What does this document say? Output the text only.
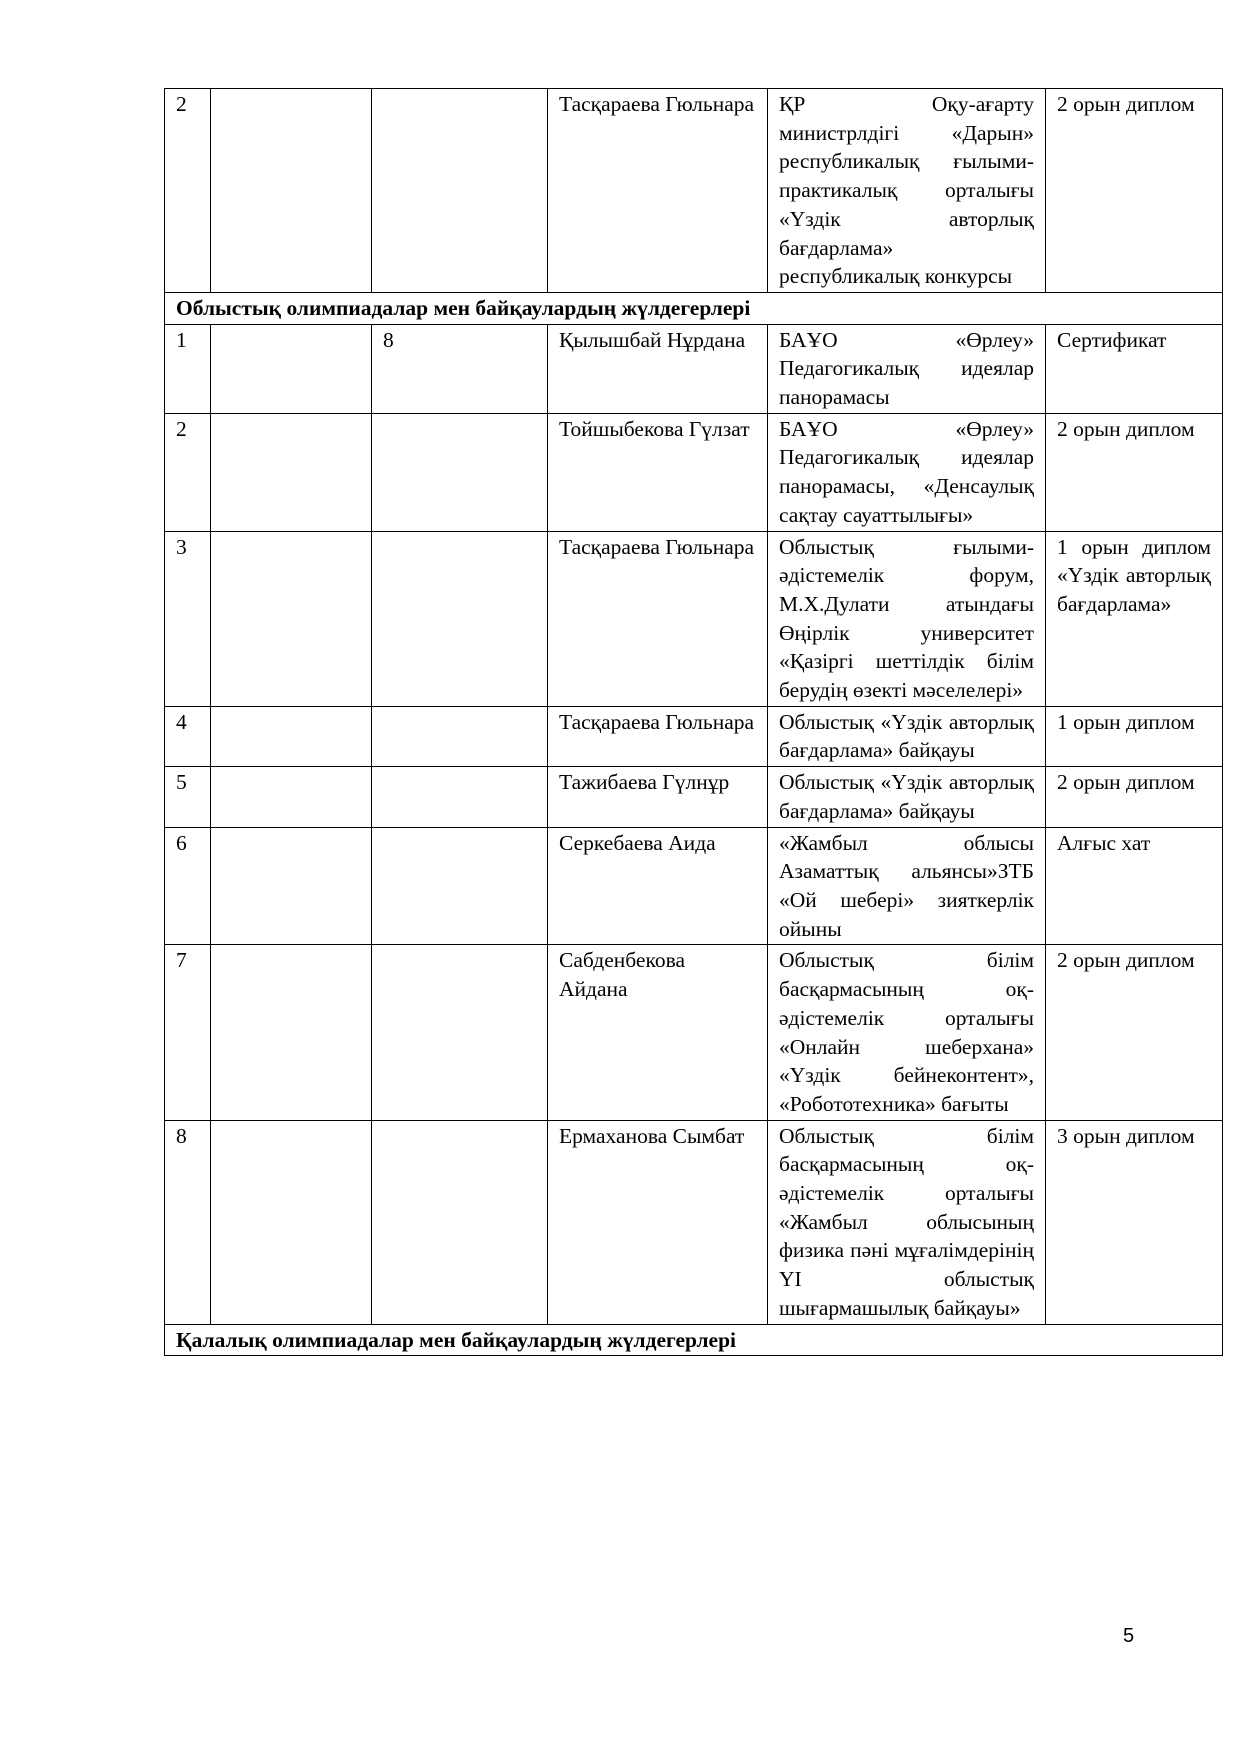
2			Тасқараева Гюльнара	ҚР Оқу-ағарту министрлдігі «Дарын» республикалық ғылыми-практикалық орталығы «Үздік авторлық бағдарлама» республикалық конкурсы	2 орын диплом
Облыстық олимпиадалар мен байқаулардың жүлдегерлері					
1		8	Қылышбай Нұрдана	БАҰО «Өрлеу» Педагогикалық идеялар панорамасы	Сертификат
2			Тойшыбекова Гүлзат	БАҰО «Өрлеу» Педагогикалық идеялар панорамасы, «Денсаулық сақтау сауаттылығы»	2 орын диплом
3			Тасқараева Гюльнара	Облыстық ғылыми-әдістемелік форум, М.Х.Дулати атындағы Өңірлік университет «Қазіргі шеттілдік білім берудің өзекті мәселелері»	1 орын диплом «Үздік авторлық бағдарлама»
4			Тасқараева Гюльнара	Облыстық «Үздік авторлық бағдарлама» байқауы	1 орын диплом
5			Тажибаева Гүлнұр	Облыстық «Үздік авторлық бағдарлама» байқауы	2 орын диплом
6			Серкебаева Аида	«Жамбыл облысы Азаматтық альянсы»ЗТБ «Ой шебері» зияткерлік ойыны	Алғыс хат
7			Сабденбекова Айдана	Облыстық білім басқармасының оқ-әдістемелік орталығы «Онлайн шеберхана» «Үздік бейнеконтент», «Робототехника» бағыты	2 орын диплом
8			Ермаханова Сымбат	Облыстық білім басқармасының оқ-әдістемелік орталығы «Жамбыл облысының физика пәні мұғалімдерінің YI облыстық шығармашылық байқауы»	3 орын диплом
Қалалық олимпиадалар мен байқаулардың жүлдегерлері					
5
